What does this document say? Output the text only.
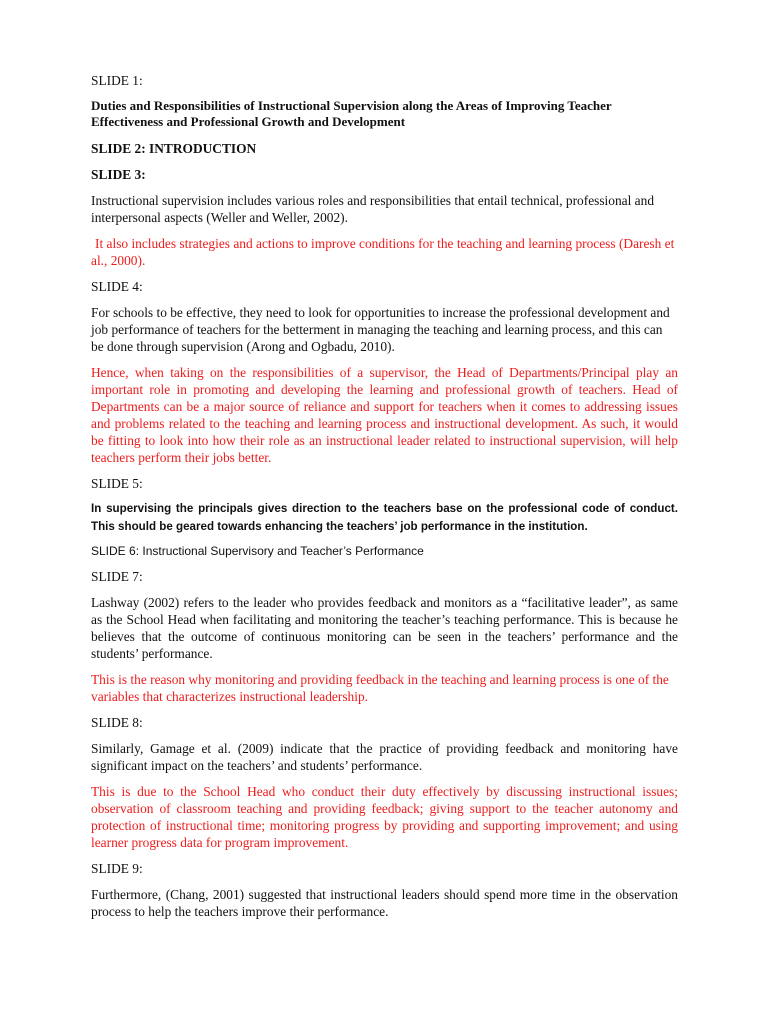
SLIDE 1:

Duties and Responsibilities of Instructional Supervision along the Areas of Improving Teacher Effectiveness and Professional Growth and Development

SLIDE 2: INTRODUCTION

SLIDE 3:

Instructional supervision includes various roles and responsibilities that entail technical, professional and interpersonal aspects (Weller and Weller, 2002).

It also includes strategies and actions to improve conditions for the teaching and learning process (Daresh et al., 2000).

SLIDE 4:

For schools to be effective, they need to look for opportunities to increase the professional development and job performance of teachers for the betterment in managing the teaching and learning process, and this can be done through supervision (Arong and Ogbadu, 2010).

Hence, when taking on the responsibilities of a supervisor, the Head of Departments/Principal play an important role in promoting and developing the learning and professional growth of teachers. Head of Departments can be a major source of reliance and support for teachers when it comes to addressing issues and problems related to the teaching and learning process and instructional development. As such, it would be fitting to look into how their role as an instructional leader related to instructional supervision, will help teachers perform their jobs better.

SLIDE 5:

In supervising the principals gives direction to the teachers base on the professional code of conduct. This should be geared towards enhancing the teachers’ job performance in the institution.

SLIDE 6: Instructional Supervisory and Teacher’s Performance

SLIDE 7:

Lashway (2002) refers to the leader who provides feedback and monitors as a “facilitative leader”, as same as the School Head when facilitating and monitoring the teacher’s teaching performance. This is because he believes that the outcome of continuous monitoring can be seen in the teachers’ performance and the students’ performance.

This is the reason why monitoring and providing feedback in the teaching and learning process is one of the variables that characterizes instructional leadership.

SLIDE 8:

Similarly, Gamage et al. (2009) indicate that the practice of providing feedback and monitoring have significant impact on the teachers’ and students’ performance.

This is due to the School Head who conduct their duty effectively by discussing instructional issues; observation of classroom teaching and providing feedback; giving support to the teacher autonomy and protection of instructional time; monitoring progress by providing and supporting improvement; and using learner progress data for program improvement.

SLIDE 9:

Furthermore, (Chang, 2001) suggested that instructional leaders should spend more time in the observation process to help the teachers improve their performance.
